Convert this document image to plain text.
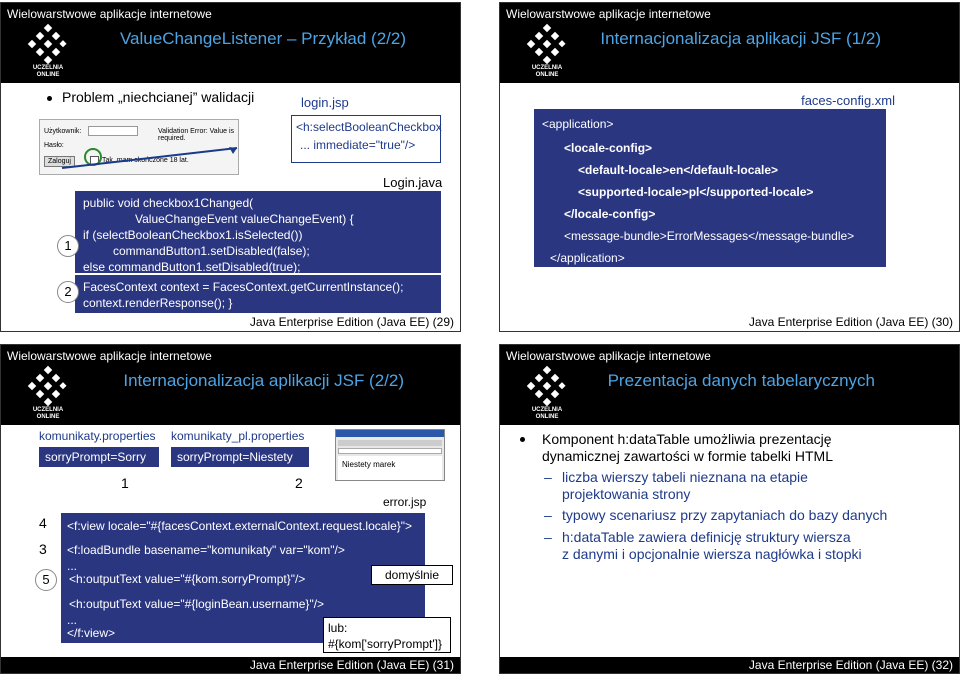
Wielowarstwowe aplikacje internetowe
UCZELNIA
ONLINE
ValueChangeListener – Przykład (2/2)
Problem „niechcianej” walidacji
Użytkownik:	Validation Error: Value is required.
Hasło:
Zaloguj	Tak, mam skończone 18 lat.
login.jsp
<h:selectBooleanCheckbox
... immediate="true"/>
Login.java
public void checkbox1Changed(
ValueChangeEvent valueChangeEvent) {
if (selectBooleanCheckbox1.isSelected())
commandButton1.setDisabled(false);
else commandButton1.setDisabled(true);
1
FacesContext context = FacesContext.getCurrentInstance();
context.renderResponse(); }
2
Java Enterprise Edition (Java EE) (29)
Wielowarstwowe aplikacje internetowe
UCZELNIA
ONLINE
Internacjonalizacja aplikacji JSF (1/2)
faces-config.xml
<application>
<locale-config>
<default-locale>en</default-locale>
<supported-locale>pl</supported-locale>
</locale-config>
<message-bundle>ErrorMessages</message-bundle>
</application>
Java Enterprise Edition (Java EE) (30)
Wielowarstwowe aplikacje internetowe
UCZELNIA
ONLINE
Internacjonalizacja aplikacji JSF (2/2)
komunikaty.properties
sorryPrompt=Sorry
komunikaty_pl.properties
sorryPrompt=Niestety
1	2
Niestety marek
error.jsp
<f:view locale="#{facesContext.externalContext.request.locale}">
<f:loadBundle basename="komunikaty" var="kom"/>
...
<h:outputText value="#{kom.sorryPrompt}"/>
<h:outputText value="#{loginBean.username}"/>
...
</f:view>
4
3
5	domyślnie
lub:
#{kom['sorryPrompt']}
Java Enterprise Edition (Java EE) (31)
Wielowarstwowe aplikacje internetowe
UCZELNIA
ONLINE
Prezentacja danych tabelarycznych
Komponent h:dataTable umożliwia prezentację
dynamicznej zawartości w formie tabelki HTML
– liczba wierszy tabeli nieznana na etapie
projektowania strony
– typowy scenariusz przy zapytaniach do bazy danych
– h:dataTable zawiera definicję struktury wiersza
z danymi i opcjonalnie wiersza nagłówka i stopki
Java Enterprise Edition (Java EE) (32)
